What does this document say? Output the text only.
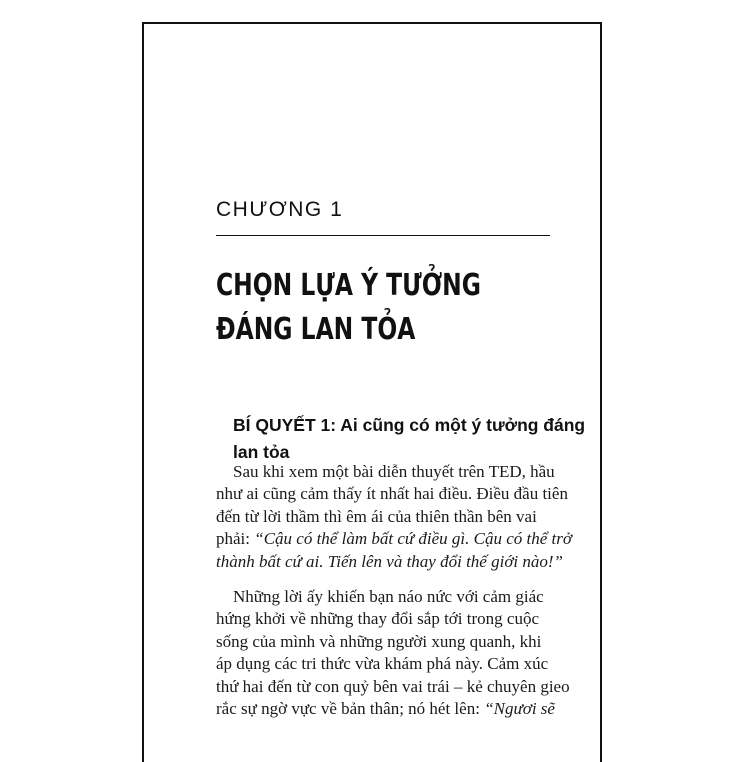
CHƯƠNG 1
CHỌN LỰA Ý TƯỞNG
ĐÁNG LAN TỎA
BÍ QUYẾT 1: Ai cũng có một ý tưởng đáng
lan tỏa
Sau khi xem một bài diễn thuyết trên TED, hầu
như ai cũng cảm thấy ít nhất hai điều. Điều đầu tiên
đến từ lời thầm thì êm ái của thiên thần bên vai
phải: “Cậu có thể làm bất cứ điều gì. Cậu có thể trở
thành bất cứ ai. Tiến lên và thay đổi thế giới nào!”
Những lời ấy khiến bạn náo nức với cảm giác
hứng khởi về những thay đổi sắp tới trong cuộc
sống của mình và những người xung quanh, khi
áp dụng các tri thức vừa khám phá này. Cảm xúc
thứ hai đến từ con quỷ bên vai trái – kẻ chuyên gieo
rắc sự ngờ vực về bản thân; nó hét lên: “Ngươi sẽ
